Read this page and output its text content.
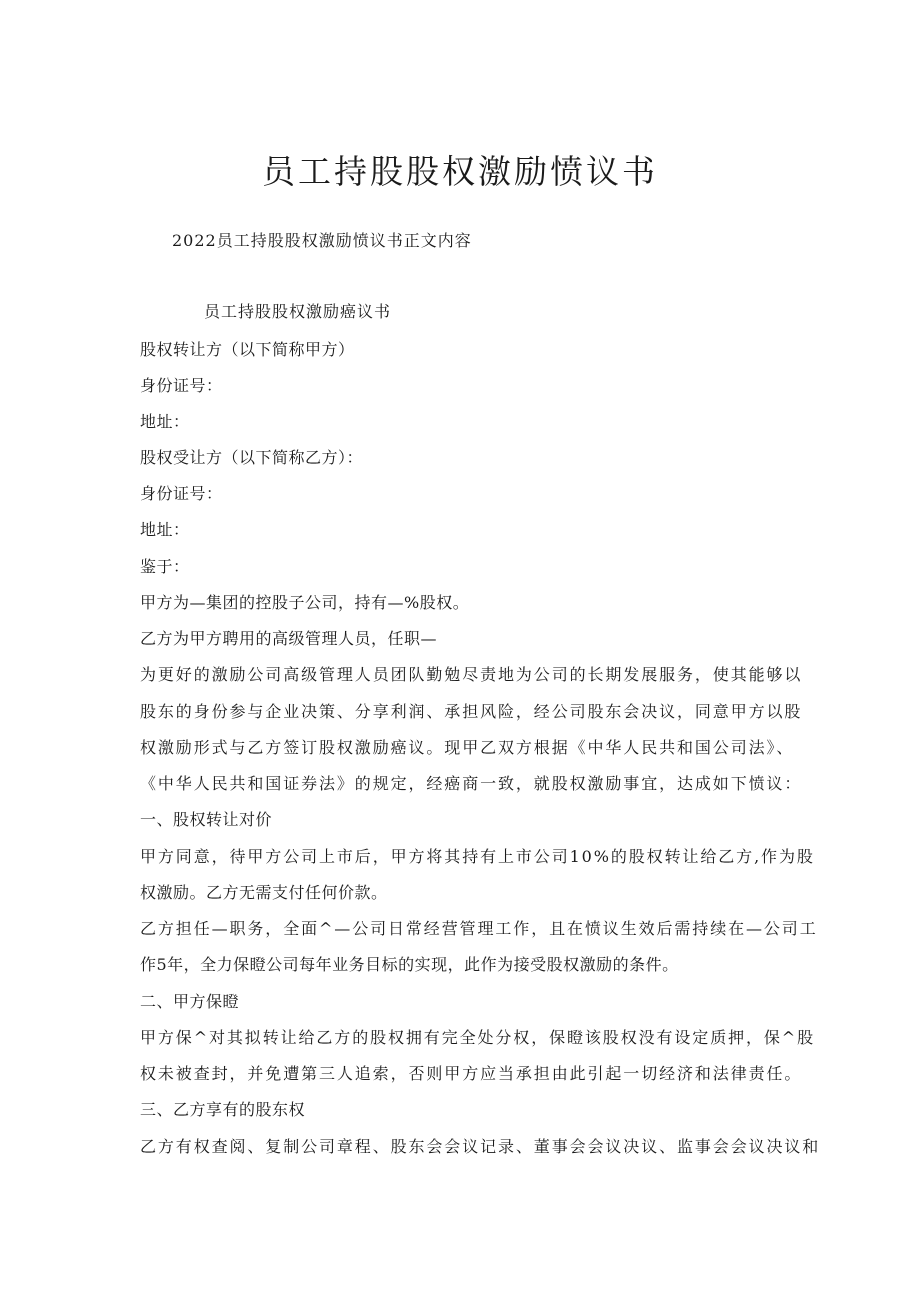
员工持股股权激励愤议书
2022员工持股股权激励愤议书正文内容
员工持股股权激励癌议书
股权转让方（以下简称甲方）
身份证号：
地址：
股权受让方（以下简称乙方）：
身份证号：
地址：
鉴于：
甲方为—集团的控股子公司，持有—%股权。
乙方为甲方聘用的高级管理人员，任职—
为更好的激励公司高级管理人员团队勤勉尽责地为公司的长期发展服务，使其能够以
股东的身份参与企业决策、分享利润、承担风险，经公司股东会决议，同意甲方以股
权激励形式与乙方签订股权激励癌议。现甲乙双方根据《中华人民共和国公司法》、
《中华人民共和国证券法》的规定，经癌商一致，就股权激励事宜，达成如下愤议：
一、股权转让对价
甲方同意，待甲方公司上市后，甲方将其持有上市公司10%的股权转让给乙方,作为股
权激励。乙方无需支付任何价款。
乙方担任—职务，全面^—公司日常经营管理工作，且在愤议生效后需持续在—公司工
作5年，全力保瞪公司每年业务目标的实现，此作为接受股权激励的条件。
二、甲方保瞪
甲方保^对其拟转让给乙方的股权拥有完全处分权，保瞪该股权没有设定质押，保^股
权未被查封，并免遭第三人追索，否则甲方应当承担由此引起一切经济和法律责任。
三、乙方享有的股东权
乙方有权查阅、复制公司章程、股东会会议记录、董事会会议决议、监事会会议决议和
